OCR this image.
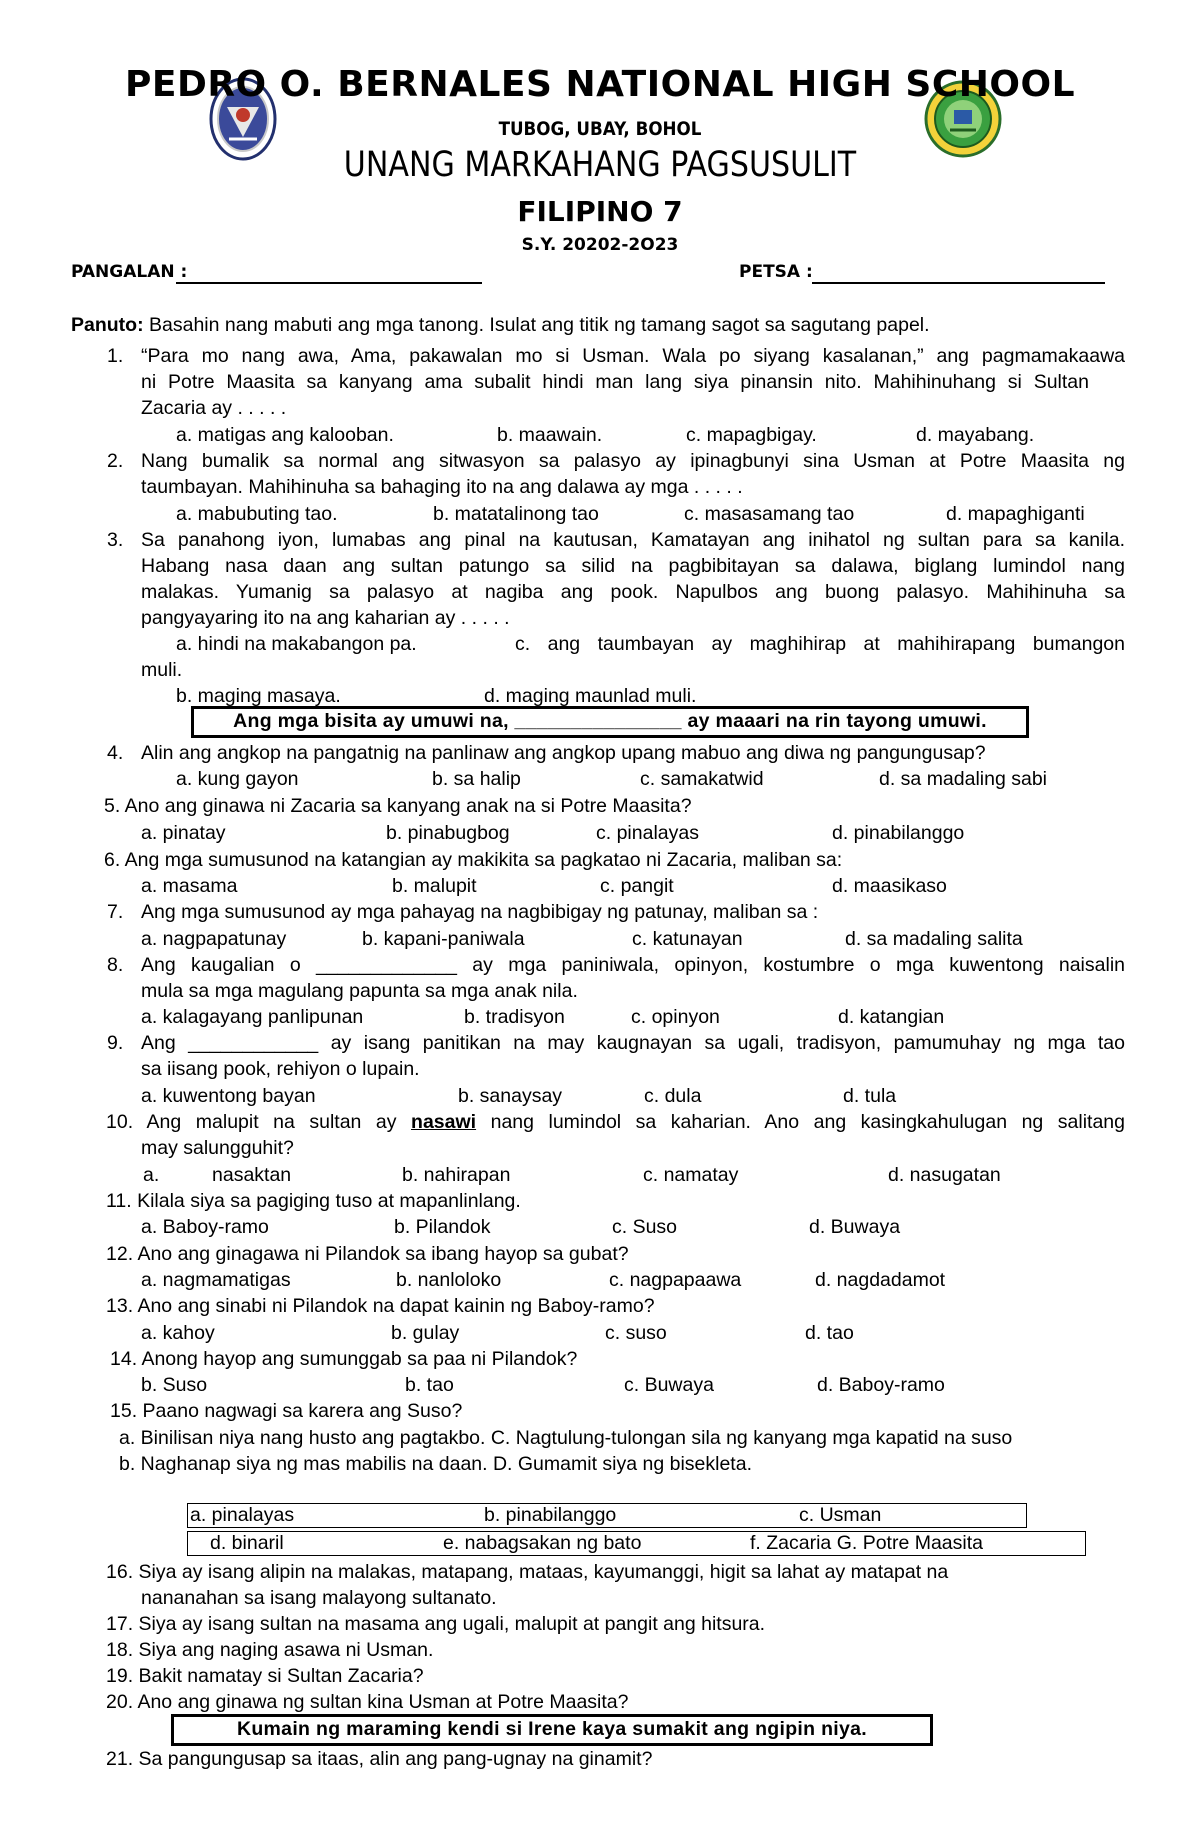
PEDRO O. BERNALES NATIONAL HIGH SCHOOL
TUBOG, UBAY, BOHOL
UNANG MARKAHANG PAGSUSULIT
FILIPINO 7
S.Y. 20202-2O23
PANGALAN :	PETSA :
Panuto: Basahin nang mabuti ang mga tanong. Isulat ang titik ng tamang sagot sa sagutang papel.
1. “Para mo nang awa, Ama, pakawalan mo si Usman. Wala po siyang kasalanan,” ang pagmamakaawa
ni Potre Maasita sa kanyang ama subalit hindi man lang siya pinansin nito. Mahihinuhang si Sultan
Zacaria ay . . . . .
a. matigas ang kalooban.	b. maawain.	c. mapagbigay.	d. mayabang.
2. Nang bumalik sa normal ang sitwasyon sa palasyo ay ipinagbunyi sina Usman at Potre Maasita ng
taumbayan. Mahihinuha sa bahaging ito na ang dalawa ay mga . . . . .
a. mabubuting tao.	b. matatalinong tao	c. masasamang tao	d. mapaghiganti
3. Sa panahong iyon, lumabas ang pinal na kautusan, Kamatayan ang inihatol ng sultan para sa kanila.
Habang nasa daan ang sultan patungo sa silid na pagbibitayan sa dalawa, biglang lumindol nang
malakas. Yumanig sa palasyo at nagiba ang pook. Napulbos ang buong palasyo. Mahihinuha sa
pangyayaring ito na ang kaharian ay . . . . .
a. hindi na makabangon pa.	c. ang taumbayan ay maghihirap at mahihirapang bumangon
muli.
b. maging masaya.	d. maging maunlad muli.
Ang mga bisita ay umuwi na, _______________ ay maaari na rin tayong umuwi.
4. Alin ang angkop na pangatnig na panlinaw ang angkop upang mabuo ang diwa ng pangungusap?
a. kung gayon	b. sa halip	c. samakatwid	d. sa madaling sabi
5. Ano ang ginawa ni Zacaria sa kanyang anak na si Potre Maasita?
a. pinatay	b. pinabugbog	c. pinalayas	d. pinabilanggo
6. Ang mga sumusunod na katangian ay makikita sa pagkatao ni Zacaria, maliban sa:
a. masama	b. malupit	c. pangit	d. maasikaso
7. Ang mga sumusunod ay mga pahayag na nagbibigay ng patunay, maliban sa :
a. nagpapatunay	b. kapani-paniwala	c. katunayan	d. sa madaling salita
8. Ang kaugalian o _____________ ay mga paniniwala, opinyon, kostumbre o mga kuwentong naisalin
mula sa mga magulang papunta sa mga anak nila.
a. kalagayang panlipunan	b. tradisyon	c. opinyon	d. katangian
9. Ang ____________ ay isang panitikan na may kaugnayan sa ugali, tradisyon, pamumuhay ng mga tao
sa iisang pook, rehiyon o lupain.
a. kuwentong bayan	b. sanaysay	c. dula	d. tula
10. Ang malupit na sultan ay nasawi nang lumindol sa kaharian. Ano ang kasingkahulugan ng salitang
may salungguhit?
a.	nasaktan	b. nahirapan	c. namatay	d. nasugatan
11. Kilala siya sa pagiging tuso at mapanlinlang.
a. Baboy-ramo	b. Pilandok	c. Suso	d. Buwaya
12. Ano ang ginagawa ni Pilandok sa ibang hayop sa gubat?
a. nagmamatigas	b. nanloloko	c. nagpapaawa	d. nagdadamot
13. Ano ang sinabi ni Pilandok na dapat kainin ng Baboy-ramo?
a. kahoy	b. gulay	c. suso	d. tao
14. Anong hayop ang sumunggab sa paa ni Pilandok?
b. Suso	b. tao	c. Buwaya	d. Baboy-ramo
15. Paano nagwagi sa karera ang Suso?
a. Binilisan niya nang husto ang pagtakbo. C. Nagtulung-tulongan sila ng kanyang mga kapatid na suso
b. Naghanap siya ng mas mabilis na daan. D. Gumamit siya ng bisekleta.
a. pinalayas	b. pinabilanggo	c. Usman
d. binaril	e. nabagsakan ng bato	f. Zacaria G. Potre Maasita
16. Siya ay isang alipin na malakas, matapang, mataas, kayumanggi, higit sa lahat ay matapat na
nananahan sa isang malayong sultanato.
17. Siya ay isang sultan na masama ang ugali, malupit at pangit ang hitsura.
18. Siya ang naging asawa ni Usman.
19. Bakit namatay si Sultan Zacaria?
20. Ano ang ginawa ng sultan kina Usman at Potre Maasita?
Kumain ng maraming kendi si Irene kaya sumakit ang ngipin niya.
21. Sa pangungusap sa itaas, alin ang pang-ugnay na ginamit?
